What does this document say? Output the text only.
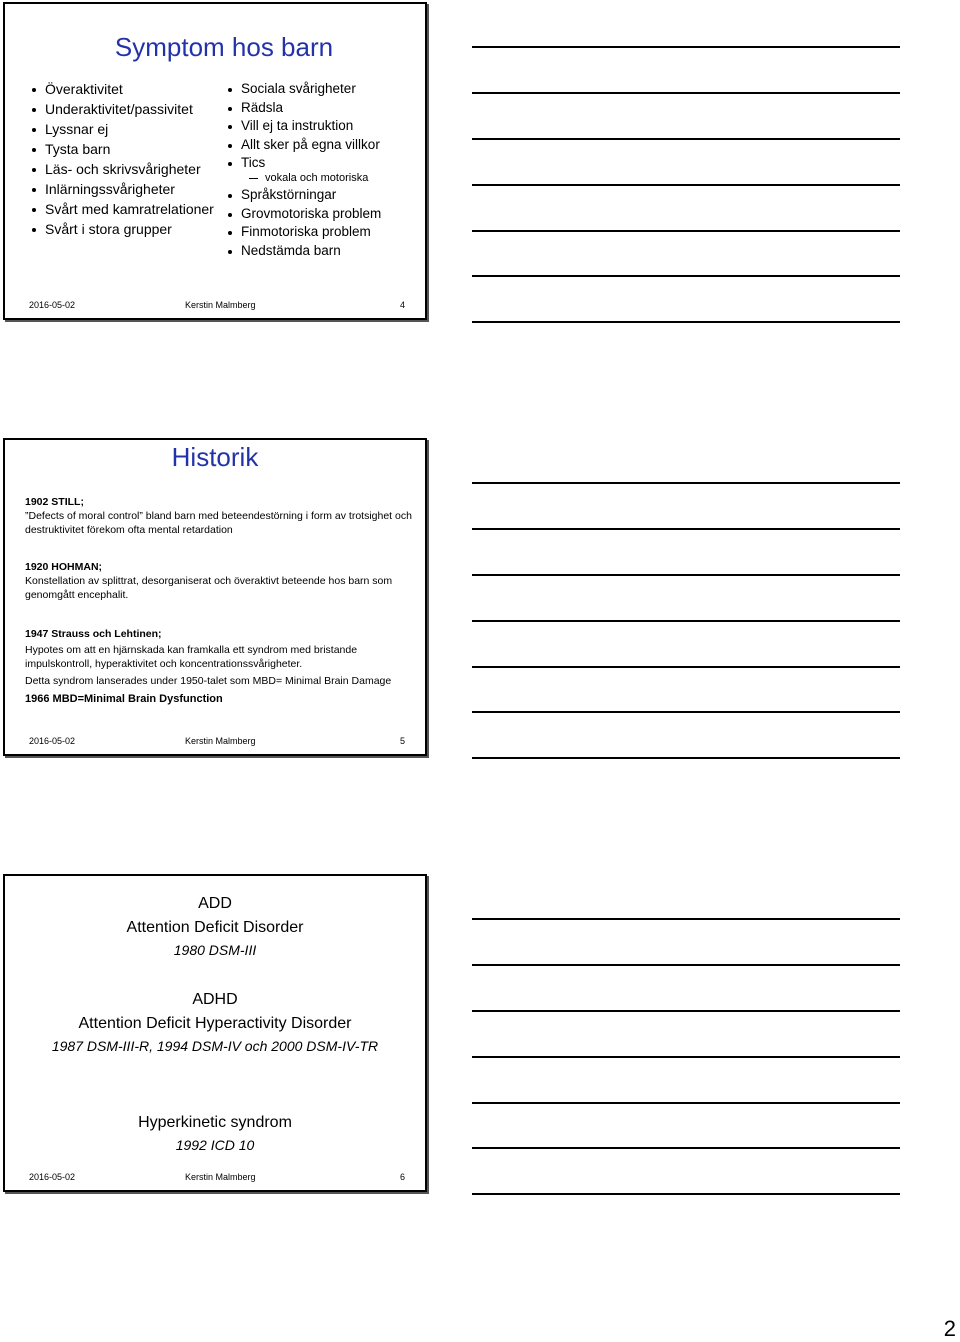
Symptom hos barn
Överaktivitet
Underaktivitet/passivitet
Lyssnar ej
Tysta barn
Läs- och skrivsvårigheter
Inlärningssvårigheter
Svårt med kamratrelationer
Svårt i stora grupper
Sociala svårigheter
Rädsla
Vill ej ta instruktion
Allt sker på egna villkor
Tics
vokala och motoriska
Språkstörningar
Grovmotoriska problem
Finmotoriska problem
Nedstämda barn
2016-05-02	Kerstin Malmberg	4
Historik
1902 STILL;
”Defects of moral control” bland barn med beteendestörning i form av trotsighet och destruktivitet förekom ofta mental retardation
1920 HOHMAN;
Konstellation av splittrat, desorganiserat och överaktivt beteende hos barn som genomgått encephalit.
1947 Strauss och Lehtinen;
Hypotes om att en hjärnskada kan framkalla ett syndrom med bristande impulskontroll, hyperaktivitet och koncentrationssvårigheter.
Detta syndrom lanserades under 1950-talet som MBD= Minimal Brain Damage
1966 MBD=Minimal Brain Dysfunction
2016-05-02	Kerstin Malmberg	5
ADD
Attention Deficit Disorder
1980 DSM-III
ADHD
Attention Deficit Hyperactivity Disorder
1987 DSM-III-R, 1994 DSM-IV och 2000 DSM-IV-TR
Hyperkinetic syndrom
1992 ICD 10
2016-05-02	Kerstin Malmberg	6
2
